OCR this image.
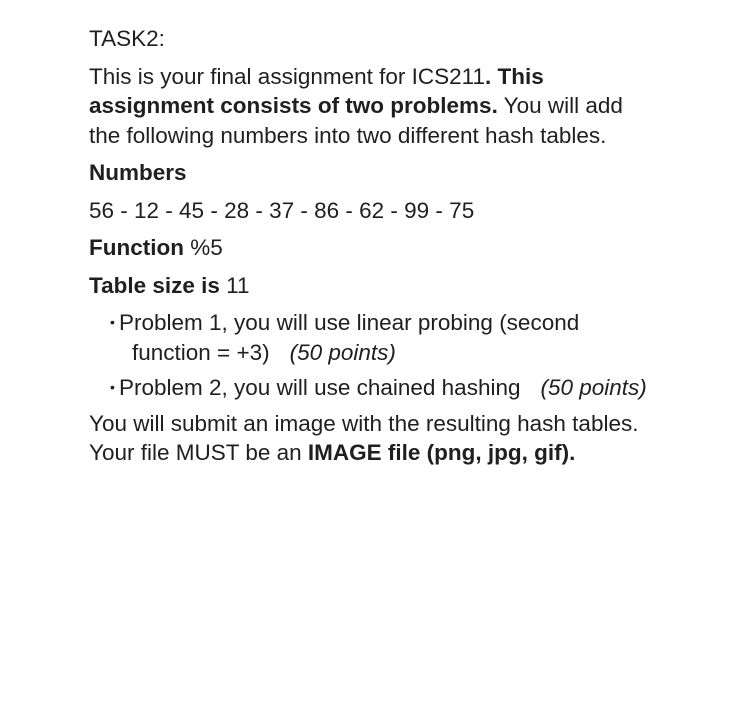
TASK2:

This is your final assignment for ICS211. This assignment consists of two problems. You will add the following numbers into two different hash tables.

Numbers

56 - 12 - 45 - 28 - 37 - 86 - 62 - 99 - 75

Function %5

Table size is 11

• Problem 1, you will use linear probing (second function = +3) (50 points)
• Problem 2, you will use chained hashing (50 points)

You will submit an image with the resulting hash tables. Your file MUST be an IMAGE file (png, jpg, gif).
